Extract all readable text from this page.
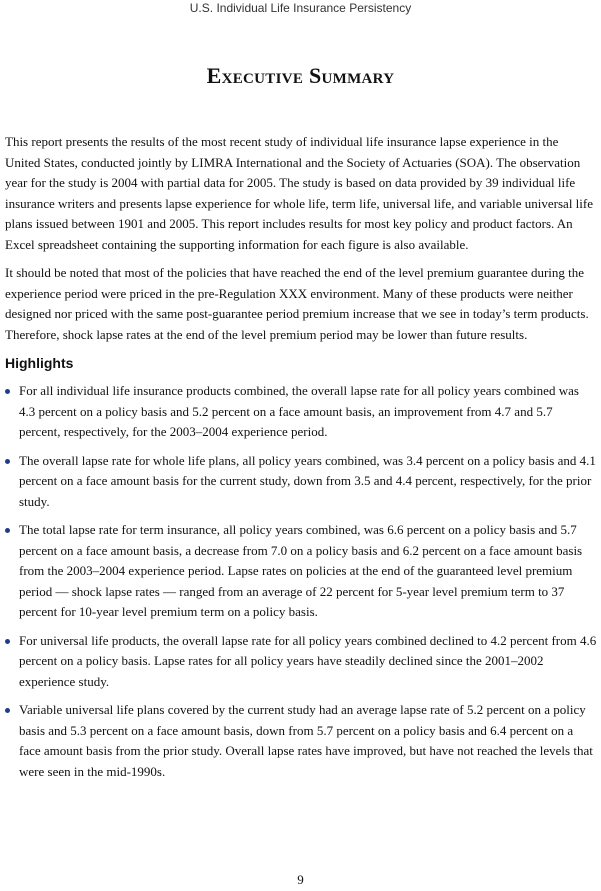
U.S. Individual Life Insurance Persistency
Executive Summary

This report presents the results of the most recent study of individual life insurance lapse experience in the United States, conducted jointly by LIMRA International and the Society of Actuaries (SOA). The observation year for the study is 2004 with partial data for 2005. The study is based on data provided by 39 individual life insurance writers and presents lapse experience for whole life, term life, universal life, and variable universal life plans issued between 1901 and 2005. This report includes results for most key policy and product factors. An Excel spreadsheet containing the supporting information for each figure is also available.

It should be noted that most of the policies that have reached the end of the level premium guarantee during the experience period were priced in the pre-Regulation XXX environment. Many of these products were neither designed nor priced with the same post-guarantee period premium increase that we see in today’s term products. Therefore, shock lapse rates at the end of the level premium period may be lower than future results.

Highlights
For all individual life insurance products combined, the overall lapse rate for all policy years combined was 4.3 percent on a policy basis and 5.2 percent on a face amount basis, an improvement from 4.7 and 5.7 percent, respectively, for the 2003–2004 experience period.
The overall lapse rate for whole life plans, all policy years combined, was 3.4 percent on a policy basis and 4.1 percent on a face amount basis for the current study, down from 3.5 and 4.4 percent, respectively, for the prior study.
The total lapse rate for term insurance, all policy years combined, was 6.6 percent on a policy basis and 5.7 percent on a face amount basis, a decrease from 7.0 on a policy basis and 6.2 percent on a face amount basis from the 2003–2004 experience period. Lapse rates on policies at the end of the guaranteed level premium period — shock lapse rates — ranged from an average of 22 percent for 5-year level premium term to 37 percent for 10-year level premium term on a policy basis.
For universal life products, the overall lapse rate for all policy years combined declined to 4.2 percent from 4.6 percent on a policy basis. Lapse rates for all policy years have steadily declined since the 2001–2002 experience study.
Variable universal life plans covered by the current study had an average lapse rate of 5.2 percent on a policy basis and 5.3 percent on a face amount basis, down from 5.7 percent on a policy basis and 6.4 percent on a face amount basis from the prior study. Overall lapse rates have improved, but have not reached the levels that were seen in the mid-1990s.
9
